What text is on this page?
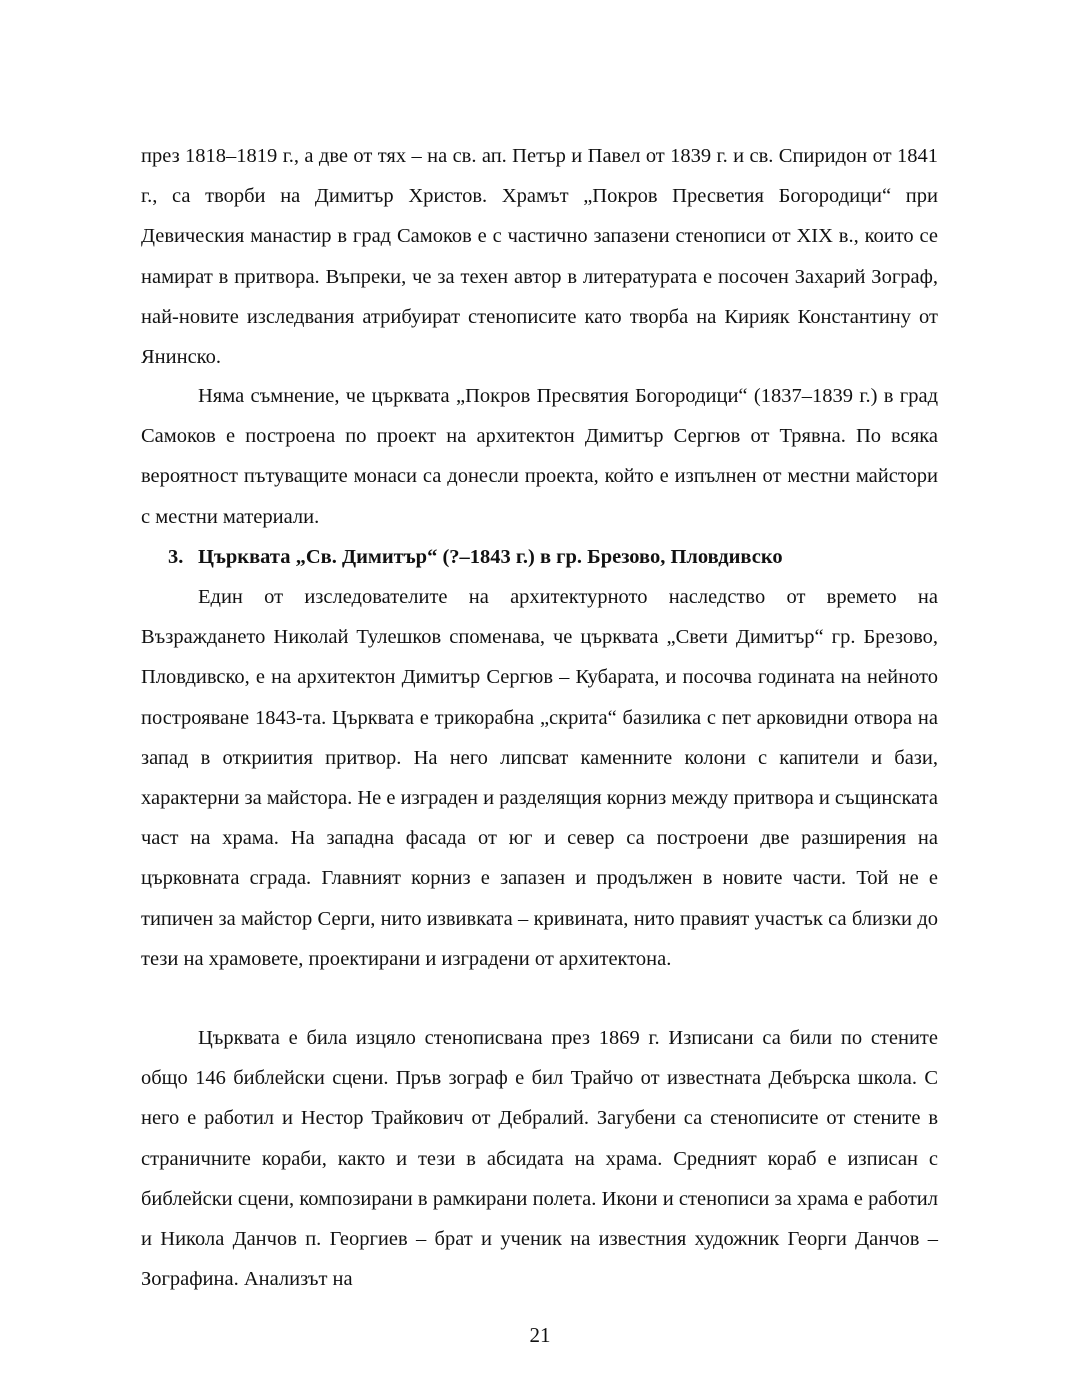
през 1818–1819 г., а две от тях – на св. ап. Петър и Павел от 1839 г. и св. Спиридон от 1841 г., са творби на Димитър Христов. Храмът „Покров Пресветия Богородици“ при Девическия манастир в град Самоков е с частично запазени стенописи от XIX в., които се намират в притвора. Въпреки, че за техен автор в литературата е посочен Захарий Зограф, най-новите изследвания атрибуират стенописите като творба на Кирияк Константину от Янинско.

Няма съмнение, че църквата „Покров Пресвятия Богородици“ (1837–1839 г.) в град Самоков е построена по проект на архитектон Димитър Сергюв от Трявна. По всяка вероятност пътуващите монаси са донесли проекта, който е изпълнен от местни майстори с местни материали.

3. Църквата „Св. Димитър“ (?–1843 г.) в гр. Брезово, Пловдивско

Един от изследователите на архитектурното наследство от времето на Възраждането Николай Тулешков споменава, че църквата „Свети Димитър“ гр. Брезово, Пловдивско, е на архитектон Димитър Сергюв – Кубарата, и посочва годината на нейното построяване 1843-та. Църквата е трикорабна „скрита“ базилика с пет арковидни отвора на запад в откриития притвор. На него липсват каменните колони с капители и бази, характерни за майстора. Не е изграден и разделящия корниз между притвора и същинската част на храма. На западна фасада от юг и север са построени две разширения на църковната сграда. Главният корниз е запазен и продължен в новите части. Той не е типичен за майстор Серги, нито извивката – кривината, нито правият участък са близки до тези на храмовете, проектирани и изградени от архитектона.

Църквата е била изцяло стенописвана през 1869 г. Изписани са били по стените общо 146 библейски сцени. Пръв зограф е бил Трайчо от известната Дебърска школа. С него е работил и Нестор Трайкович от Дебралий. Загубени са стенописите от стените в страничните кораби, както и тези в абсидата на храма. Средният кораб е изписан с библейски сцени, композирани в рамкирани полета. Икони и стенописи за храма е работил и Никола Данчов п. Георгиев – брат и ученик на известния художник Георги Данчов – Зографина. Анализът на

21
